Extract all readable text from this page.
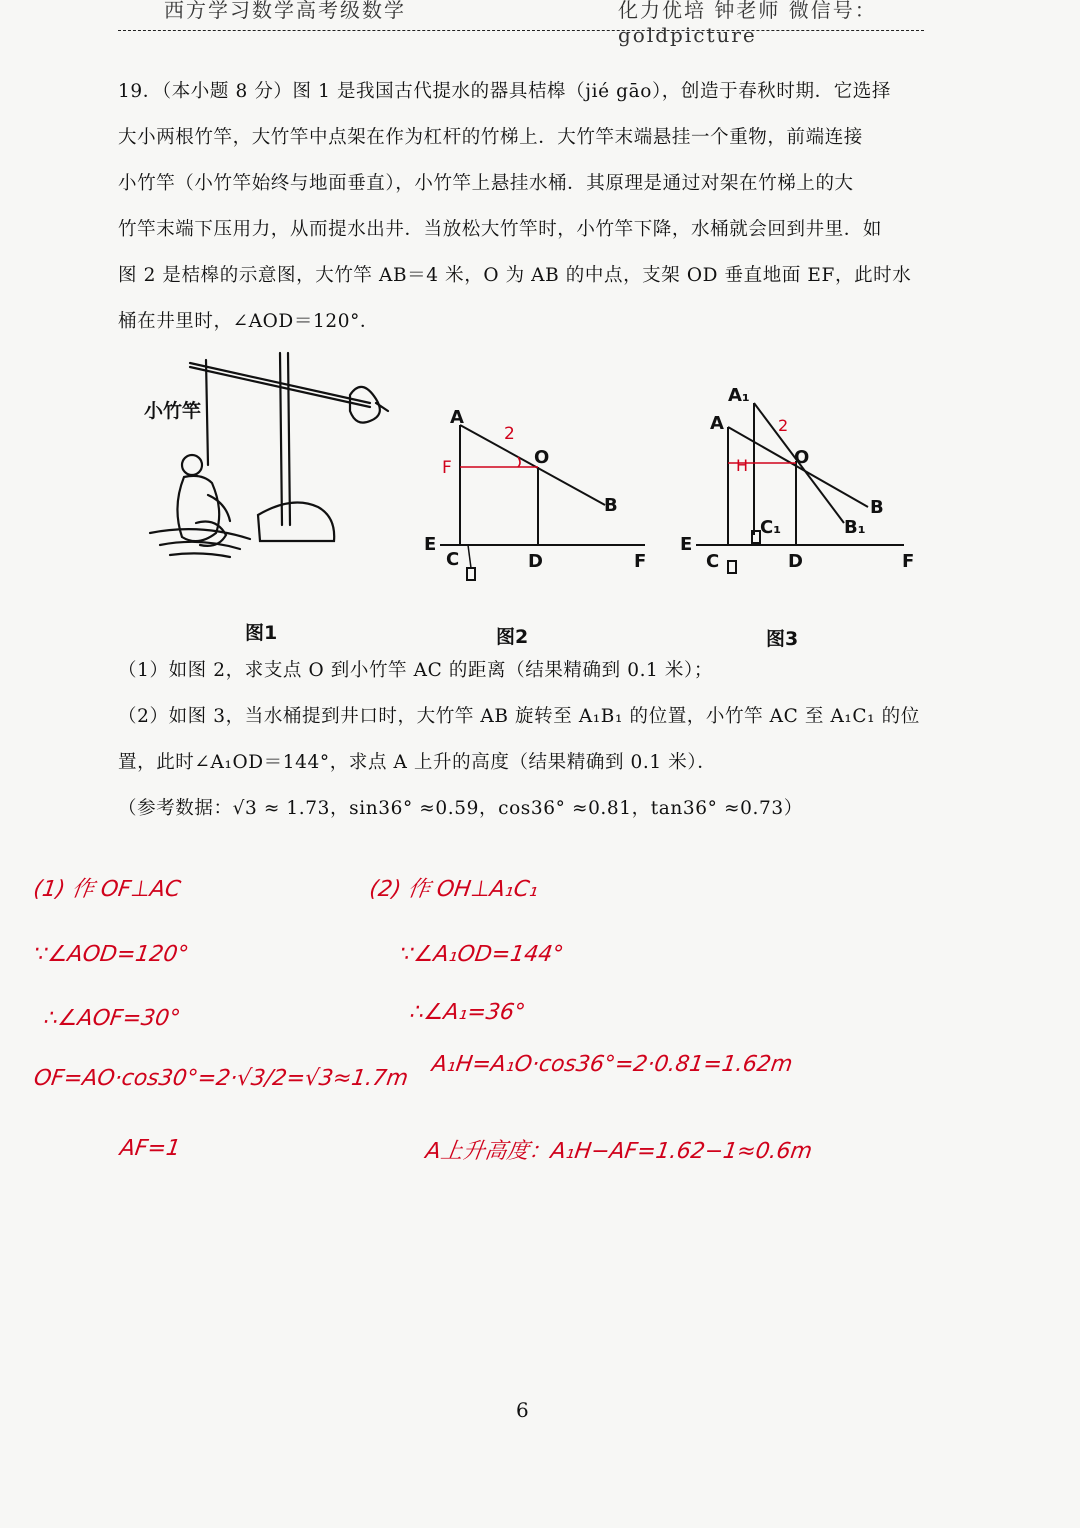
西方学习数学高考级数学	化力优培 钟老师 微信号：goldpicture
19．（本小题 8 分）图 1 是我国古代提水的器具桔槔（jié gāo），创造于春秋时期．它选择
大小两根竹竿，大竹竿中点架在作为杠杆的竹梯上．大竹竿末端悬挂一个重物，前端连接
小竹竿（小竹竿始终与地面垂直），小竹竿上悬挂水桶．其原理是通过对架在竹梯上的大
竹竿末端下压用力，从而提水出井．当放松大竹竿时，小竹竿下降，水桶就会回到井里．如
图 2 是桔槔的示意图，大竹竿 AB＝4 米，O 为 AB 的中点，支架 OD 垂直地面 EF，此时水
桶在井里时，∠AOD＝120°．
小竹竿	A
O
B
E
C	D	F
F
2
A₁
A
O
B
B₁
C₁
E
C	D	F
2
H
图1	图2	图3
（1）如图 2，求支点 O 到小竹竿 AC 的距离（结果精确到 0.1 米）；
（2）如图 3，当水桶提到井口时，大竹竿 AB 旋转至 A₁B₁ 的位置，小竹竿 AC 至 A₁C₁ 的位
置，此时∠A₁OD＝144°，求点 A 上升的高度（结果精确到 0.1 米）．
（参考数据：√3 ≈ 1.73，sin36° ≈0.59，cos36° ≈0.81，tan36° ≈0.73）
(1) 作 OF⊥AC
∵∠AOD=120°
∴∠AOF=30°
OF=AO·cos30°=2·√3/2=√3≈1.7m
AF=1
(2) 作 OH⊥A₁C₁
∵∠A₁OD=144°
∴∠A₁=36°
A₁H=A₁O·cos36°=2·0.81=1.62m
A上升高度：A₁H−AF=1.62−1≈0.6m
6
